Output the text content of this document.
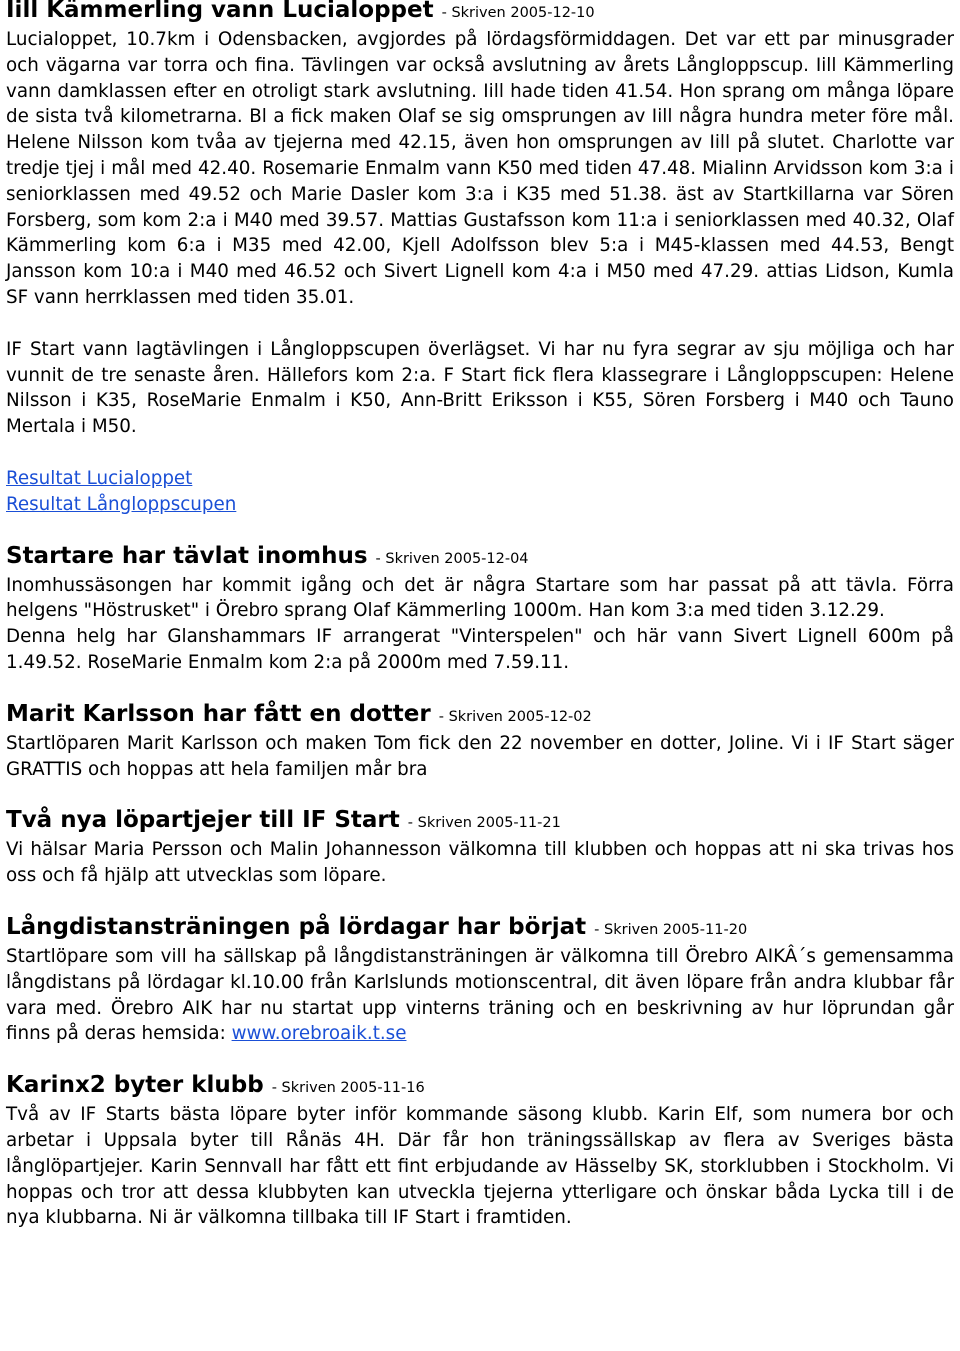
Iill Kämmerling vann Lucialoppet - Skriven 2005-12-10

Lucialoppet, 10.7km i Odensbacken, avgjordes på lördagsförmiddagen. Det var ett par minusgrader och vägarna var torra och fina. Tävlingen var också avslutning av årets Långloppscup. Iill Kämmerling vann damklassen efter en otroligt stark avslutning. Iill hade tiden 41.54. Hon sprang om många löpare de sista två kilometrarna. Bl a fick maken Olaf se sig omsprungen av Iill några hundra meter före mål. Helene Nilsson kom tvåa av tjejerna med 42.15, även hon omsprungen av Iill på slutet. Charlotte var tredje tjej i mål med 42.40. Rosemarie Enmalm vann K50 med tiden 47.48. Mialinn Arvidsson kom 3:a i seniorklassen med 49.52 och Marie Dasler kom 3:a i K35 med 51.38. äst av Startkillarna var Sören Forsberg, som kom 2:a i M40 med 39.57. Mattias Gustafsson kom 11:a i seniorklassen med 40.32, Olaf Kämmerling kom 6:a i M35 med 42.00, Kjell Adolfsson blev 5:a i M45-klassen med 44.53, Bengt Jansson kom 10:a i M40 med 46.52 och Sivert Lignell kom 4:a i M50 med 47.29. attias Lidson, Kumla SF vann herrklassen med tiden 35.01.

IF Start vann lagtävlingen i Långloppscupen överlägset. Vi har nu fyra segrar av sju möjliga och har vunnit de tre senaste åren. Hällefors kom 2:a. F Start fick flera klassegrare i Långloppscupen: Helene Nilsson i K35, RoseMarie Enmalm i K50, Ann-Britt Eriksson i K55, Sören Forsberg i M40 och Tauno Mertala i M50.

Resultat Lucialoppet
Resultat Långloppscupen
Startare har tävlat inomhus - Skriven 2005-12-04

Inomhussäsongen har kommit igång och det är några Startare som har passat på att tävla. Förra helgens "Höstrusket" i Örebro sprang Olaf Kämmerling 1000m. Han kom 3:a med tiden 3.12.29.

Denna helg har Glanshammars IF arrangerat "Vinterspelen" och här vann Sivert Lignell 600m på 1.49.52. RoseMarie Enmalm kom 2:a på 2000m med 7.59.11.

Marit Karlsson har fått en dotter - Skriven 2005-12-02

Startlöparen Marit Karlsson och maken Tom fick den 22 november en dotter, Joline. Vi i IF Start säger GRATTIS och hoppas att hela familjen mår bra

Två nya löpartjejer till IF Start - Skriven 2005-11-21

Vi hälsar Maria Persson och Malin Johannesson välkomna till klubben och hoppas att ni ska trivas hos oss och få hjälp att utvecklas som löpare.

Långdistansträningen på lördagar har börjat - Skriven 2005-11-20

Startlöpare som vill ha sällskap på långdistansträningen är välkomna till Örebro AIKÂ´s gemensamma långdistans på lördagar kl.10.00 från Karlslunds motionscentral, dit även löpare från andra klubbar får vara med. Örebro AIK har nu startat upp vinterns träning och en beskrivning av hur löprundan går finns på deras hemsida: www.orebroaik.t.se

Karinx2 byter klubb - Skriven 2005-11-16

Två av IF Starts bästa löpare byter inför kommande säsong klubb. Karin Elf, som numera bor och arbetar i Uppsala byter till Rånäs 4H. Där får hon träningssällskap av flera av Sveriges bästa långlöpartjejer. Karin Sennvall har fått ett fint erbjudande av Hässelby SK, storklubben i Stockholm. Vi hoppas och tror att dessa klubbyten kan utveckla tjejerna ytterligare och önskar båda Lycka till i de nya klubbarna. Ni är välkomna tillbaka till IF Start i framtiden.
